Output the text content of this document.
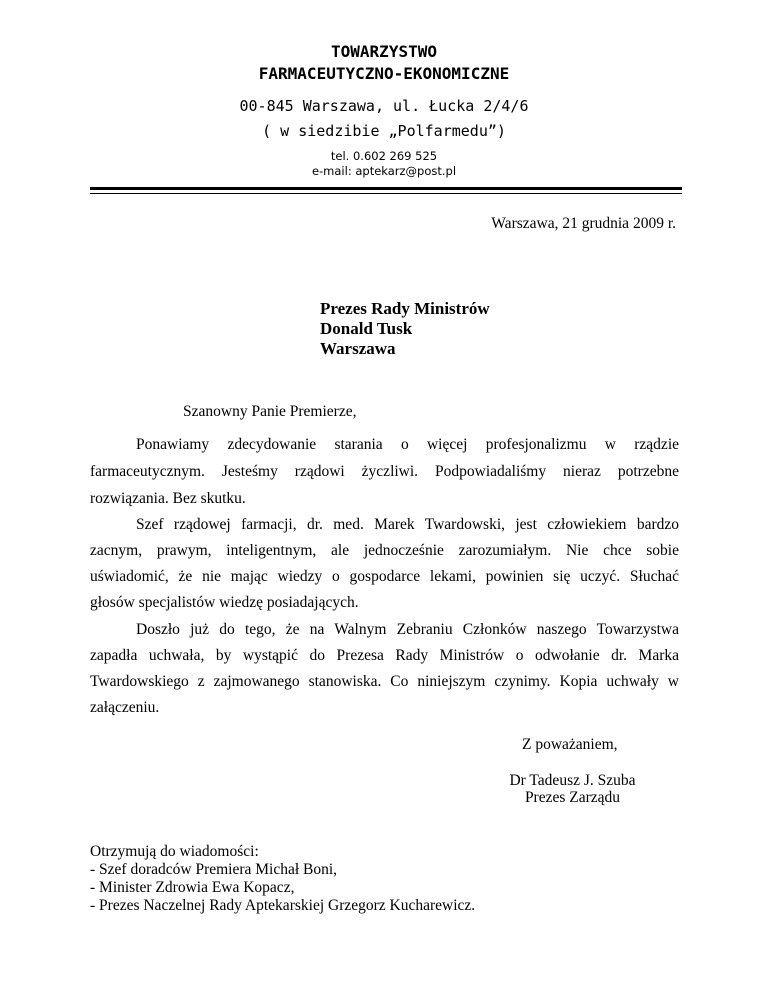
TOWARZYSTWO
FARMACEUTYCZNO-EKONOMICZNE
00-845 Warszawa, ul. Łucka 2/4/6
( w siedzibie „Polfarmedu”)
tel. 0.602 269 525
e-mail: aptekarz@post.pl
Warszawa, 21 grudnia 2009 r.
Prezes Rady Ministrów
Donald Tusk
Warszawa
Szanowny Panie Premierze,
Ponawiamy zdecydowanie starania o więcej profesjonalizmu w rządzie
farmaceutycznym. Jesteśmy rządowi życzliwi. Podpowiadaliśmy nieraz potrzebne
rozwiązania. Bez skutku.
Szef rządowej farmacji, dr. med. Marek Twardowski, jest człowiekiem bardzo
zacnym, prawym, inteligentnym, ale jednocześnie zarozumiałym. Nie chce sobie
uświadomić, że nie mając wiedzy o gospodarce lekami, powinien się uczyć. Słuchać
głosów specjalistów wiedzę posiadających.
Doszło już do tego, że na Walnym Zebraniu Członków naszego Towarzystwa
zapadła uchwała, by wystąpić do Prezesa Rady Ministrów o odwołanie dr. Marka
Twardowskiego z zajmowanego stanowiska. Co niniejszym czynimy. Kopia uchwały w
załączeniu.
Z poważaniem,
Dr Tadeusz J. Szuba
Prezes Zarządu
Otrzymują do wiadomości:
- Szef doradców Premiera Michał Boni,
- Minister Zdrowia Ewa Kopacz,
- Prezes Naczelnej Rady Aptekarskiej Grzegorz Kucharewicz.
